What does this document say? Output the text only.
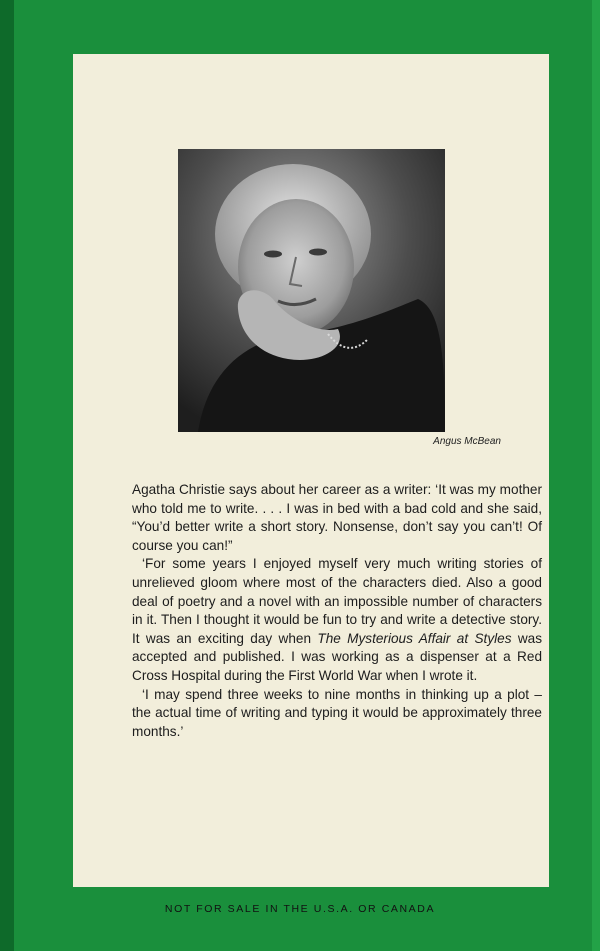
Angus McBean

Agatha Christie says about her career as a writer: ‘It was my mother who told me to write. . . . I was in bed with a bad cold and she said, “You’d better write a short story. Nonsense, don’t say you can’t! Of course you can!”

‘For some years I enjoyed myself very much writing stories of unrelieved gloom where most of the characters died. Also a good deal of poetry and a novel with an impossible number of characters in it. Then I thought it would be fun to try and write a detective story. It was an exciting day when The Mysterious Affair at Styles was accepted and published. I was working as a dispenser at a Red Cross Hospital during the First World War when I wrote it.

‘I may spend three weeks to nine months in thinking up a plot – the actual time of writing and typing it would be approximately three months.’

NOT FOR SALE IN THE U.S.A. OR CANADA
